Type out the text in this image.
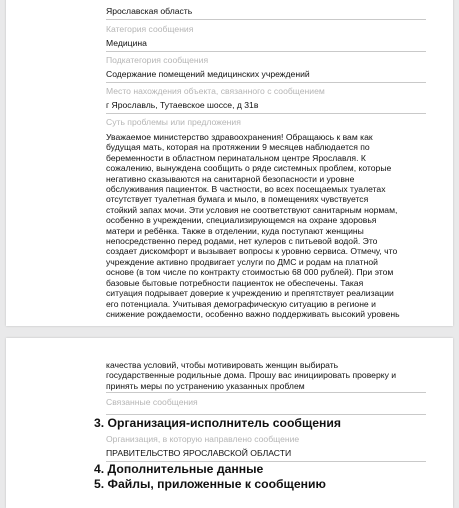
Ярославская область
Категория сообщения
Медицина
Подкатегория сообщения
Содержание помещений медицинских учреждений
Место нахождения объекта, связанного с сообщением
г Ярославль, Тутаевское шоссе, д 31в
Суть проблемы или предложения

Уважаемое министерство здравоохранения! Обращаюсь к вам как
будущая мать, которая на протяжении 9 месяцев наблюдается по
беременности в областном перинатальном центре Ярославля. К
сожалению, вынуждена сообщить о ряде системных проблем, которые
негативно сказываются на санитарной безопасности и уровне
обслуживания пациенток. В частности, во всех посещаемых туалетах
отсутствует туалетная бумага и мыло, в помещениях чувствуется
стойкий запах мочи. Эти условия не соответствуют санитарным нормам,
особенно в учреждении, специализирующемся на охране здоровья
матери и ребёнка. Также в отделении, куда поступают женщины
непосредственно перед родами, нет кулеров с питьевой водой. Это
создает дискомфорт и вызывает вопросы к уровню сервиса. Отмечу, что
учреждение активно продвигает услуги по ДМС и родам на платной
основе (в том числе по контракту стоимостью 68 000 рублей). При этом
базовые бытовые потребности пациенток не обеспечены. Такая
ситуация подрывает доверие к учреждению и препятствует реализации
его потенциала. Учитывая демографическую ситуацию в регионе и
снижение рождаемости, особенно важно поддерживать высокий уровень

качества условий, чтобы мотивировать женщин выбирать
государственные родильные дома. Прошу вас инициировать проверку и
принять меры по устранению указанных проблем

Связанные сообщения
3. Организация-исполнитель сообщения
Организация, в которую направлено сообщение
ПРАВИТЕЛЬСТВО ЯРОСЛАВСКОЙ ОБЛАСТИ
4. Дополнительные данные
5. Файлы, приложенные к сообщению
